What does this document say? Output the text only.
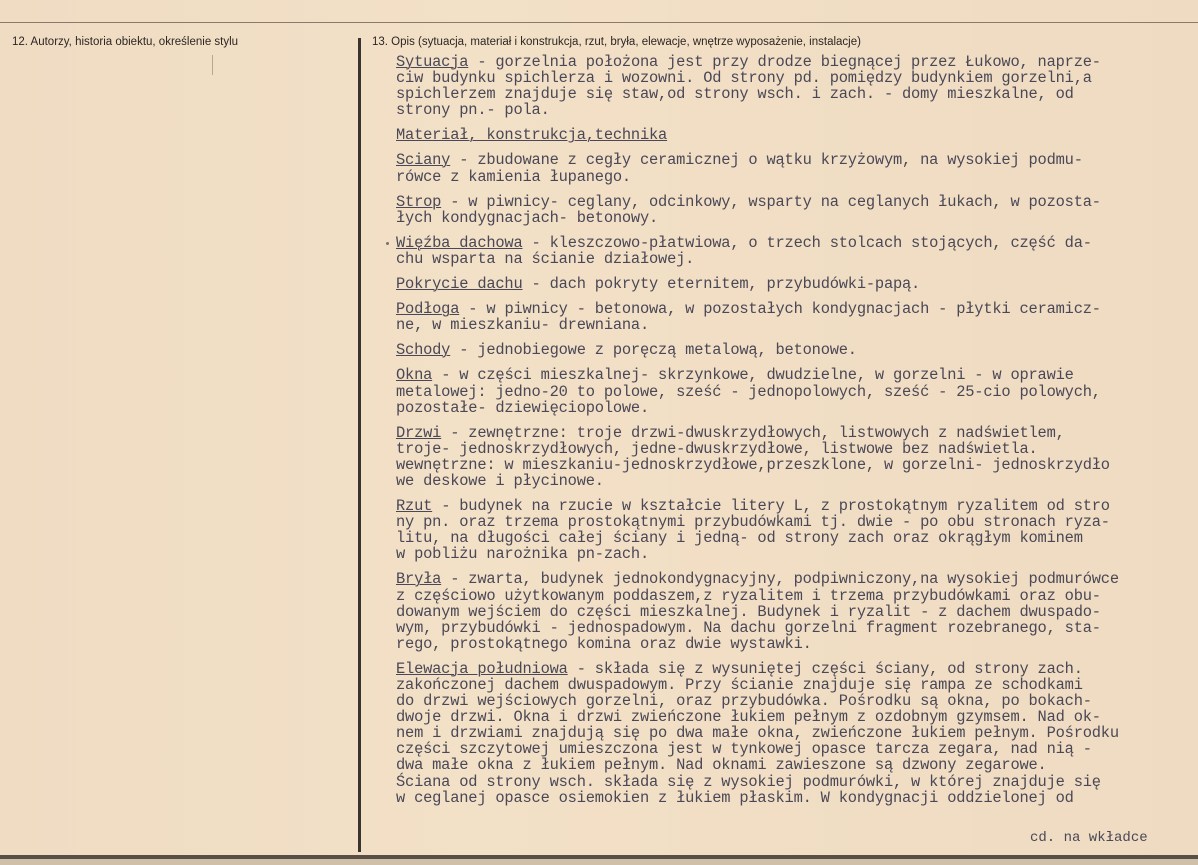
12. Autorzy, historia obiektu, określenie stylu	13. Opis (sytuacja, materiał i konstrukcja, rzut, bryła, elewacje, wnętrze wyposażenie, instalacje)
Sytuacja - gorzelnia położona jest przy drodze biegnącej przez Łukowo, naprze-
ciw budynku spichlerza i wozowni. Od strony pd. pomiędzy budynkiem gorzelni,a
spichlerzem znajduje się staw,od strony wsch. i zach. - domy mieszkalne, od
strony pn.- pola.
Materiał, konstrukcja,technika
Sciany - zbudowane z cegły ceramicznej o wątku krzyżowym, na wysokiej podmu-
rówce z kamienia łupanego.
Strop - w piwnicy- ceglany, odcinkowy, wsparty na ceglanych łukach, w pozosta-
łych kondygnacjach- betonowy.
Więźba dachowa - kleszczowo-płatwiowa, o trzech stolcach stojących, część da-
chu wsparta na ścianie działowej.
Pokrycie dachu - dach pokryty eternitem, przybudówki-papą.
Podłoga - w piwnicy - betonowa, w pozostałych kondygnacjach - płytki ceramicz-
ne, w mieszkaniu- drewniana.
Schody - jednobiegowe z poręczą metalową, betonowe.
Okna - w części mieszkalnej- skrzynkowe, dwudzielne, w gorzelni - w oprawie
metalowej: jedno-20 to polowe, sześć - jednopolowych, sześć - 25-cio polowych,
pozostałe- dziewięciopolowe.
Drzwi - zewnętrzne: troje drzwi-dwuskrzydłowych, listwowych z nadświetlem,
troje- jednoskrzydłowych, jedne-dwuskrzydłowe, listwowe bez nadświetla.
wewnętrzne: w mieszkaniu-jednoskrzydłowe,przeszklone, w gorzelni- jednoskrzydło
we deskowe i płycinowe.
Rzut - budynek na rzucie w kształcie litery L, z prostokątnym ryzalitem od stro
ny pn. oraz trzema prostokątnymi przybudówkami tj. dwie - po obu stronach ryza-
litu, na długości całej ściany i jedną- od strony zach oraz okrągłym kominem
w pobliżu narożnika pn-zach.
Bryła - zwarta, budynek jednokondygnacyjny, podpiwniczony,na wysokiej podmurówce
z częściowo użytkowanym poddaszem,z ryzalitem i trzema przybudówkami oraz obu-
dowanym wejściem do części mieszkalnej. Budynek i ryzalit - z dachem dwuspado-
wym, przybudówki - jednospadowym. Na dachu gorzelni fragment rozebranego, sta-
rego, prostokątnego komina oraz dwie wystawki.
Elewacja południowa - składa się z wysuniętej części ściany, od strony zach.
zakończonej dachem dwuspadowym. Przy ścianie znajduje się rampa ze schodkami
do drzwi wejściowych gorzelni, oraz przybudówka. Pośrodku są okna, po bokach-
dwoje drzwi. Okna i drzwi zwieńczone łukiem pełnym z ozdobnym gzymsem. Nad ok-
nem i drzwiami znajdują się po dwa małe okna, zwieńczone łukiem pełnym. Pośrodku
części szczytowej umieszczona jest w tynkowej opasce tarcza zegara, nad nią -
dwa małe okna z łukiem pełnym. Nad oknami zawieszone są dzwony zegarowe.
Ściana od strony wsch. składa się z wysokiej podmurówki, w której znajduje się
w ceglanej opasce osiemokien z łukiem płaskim. W kondygnacji oddzielonej od
cd. na wkładce
